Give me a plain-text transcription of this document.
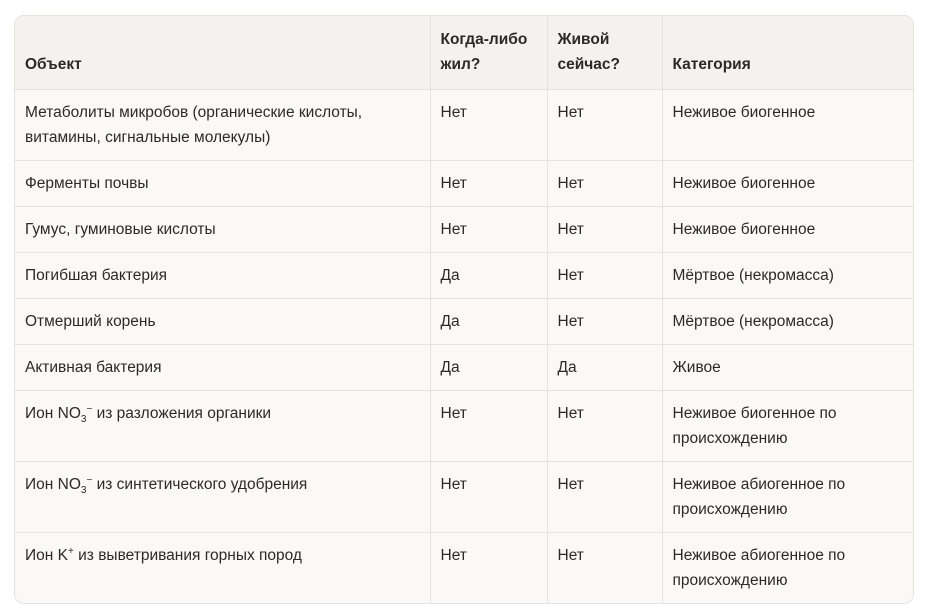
Объект	Когда-либо жил?	Живой сейчас?	Категория
Метаболиты микробов (органические кислоты, витамины, сигнальные молекулы)	Нет	Нет	Неживое биогенное
Ферменты почвы	Нет	Нет	Неживое биогенное
Гумус, гуминовые кислоты	Нет	Нет	Неживое биогенное
Погибшая бактерия	Да	Нет	Мёртвое (некромасса)
Отмерший корень	Да	Нет	Мёртвое (некромасса)
Активная бактерия	Да	Да	Живое
Ион $NO_3^-$ из разложения органики	Нет	Нет	Неживое биогенное по происхождению
Ион $NO_3^-$ из синтетического удобрения	Нет	Нет	Неживое абиогенное по происхождению
Ион K+ из выветривания горных пород	Нет	Нет	Неживое абиогенное по происхождению
